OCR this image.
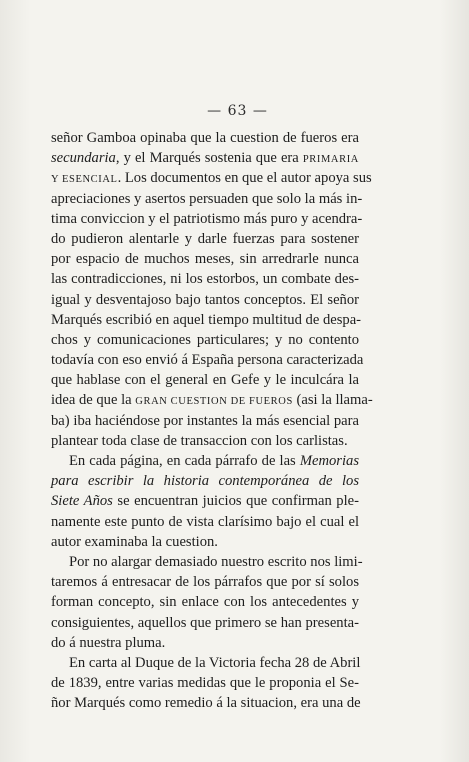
— 63 —
señor Gamboa opinaba que la cuestion de fueros era
secundaria, y el Marqués sostenia que era PRIMARIA
Y ESENCIAL. Los documentos en que el autor apoya sus
apreciaciones y asertos persuaden que solo la más in-
tima conviccion y el patriotismo más puro y acendra-
do pudieron alentarle y darle fuerzas para sostener
por espacio de muchos meses, sin arredrarle nunca
las contradicciones, ni los estorbos, un combate des-
igual y desventajoso bajo tantos conceptos. El señor
Marqués escribió en aquel tiempo multitud de despa-
chos y comunicaciones particulares; y no contento
todavía con eso envió á España persona caracterizada
que hablase con el general en Gefe y le inculcára la
idea de que la GRAN CUESTION DE FUEROS (asi la llama-
ba) iba haciéndose por instantes la más esencial para
plantear toda clase de transaccion con los carlistas.
En cada página, en cada párrafo de las Memorias
para escribir la historia contemporánea de los
Siete Años se encuentran juicios que confirman ple-
namente este punto de vista clarísimo bajo el cual el
autor examinaba la cuestion.
Por no alargar demasiado nuestro escrito nos limi-
taremos á entresacar de los párrafos que por sí solos
forman concepto, sin enlace con los antecedentes y
consiguientes, aquellos que primero se han presenta-
do á nuestra pluma.
En carta al Duque de la Victoria fecha 28 de Abril
de 1839, entre varias medidas que le proponia el Se-
ñor Marqués como remedio á la situacion, era una de
